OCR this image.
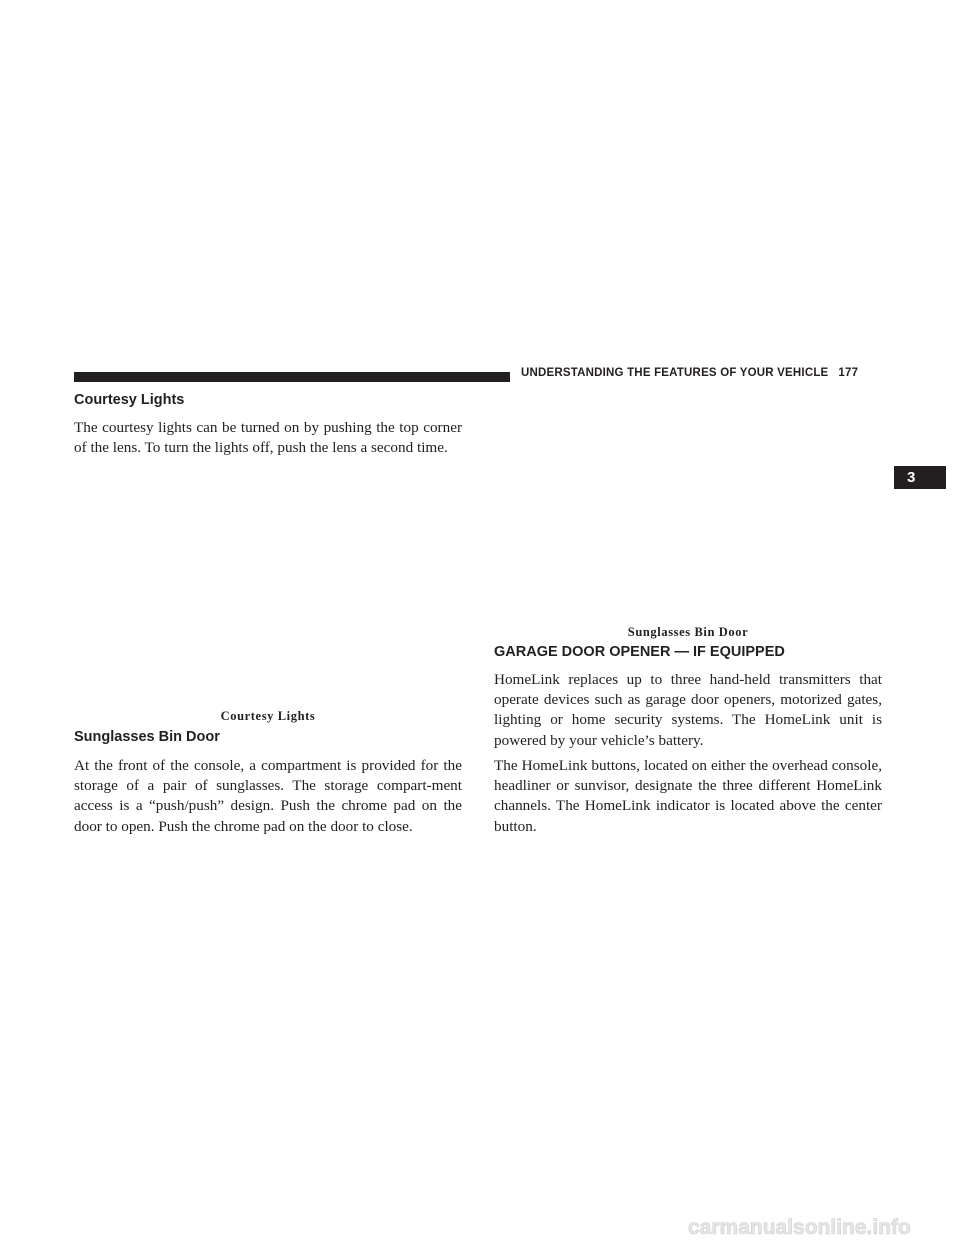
UNDERSTANDING THE FEATURES OF YOUR VEHICLE 177
3
Courtesy Lights

The courtesy lights can be turned on by pushing the top corner of the lens. To turn the lights off, push the lens a second time.

Courtesy Lights

Sunglasses Bin Door

At the front of the console, a compartment is provided for the storage of a pair of sunglasses. The storage compart-ment access is a “push/push” design. Push the chrome pad on the door to open. Push the chrome pad on the door to close.

Sunglasses Bin Door

GARAGE DOOR OPENER — IF EQUIPPED

HomeLink replaces up to three hand-held transmitters that operate devices such as garage door openers, motorized gates, lighting or home security systems. The HomeLink unit is powered by your vehicle’s battery.

The HomeLink buttons, located on either the overhead console, headliner or sunvisor, designate the three different HomeLink channels. The HomeLink indicator is located above the center button.

carmanualsonline.info
